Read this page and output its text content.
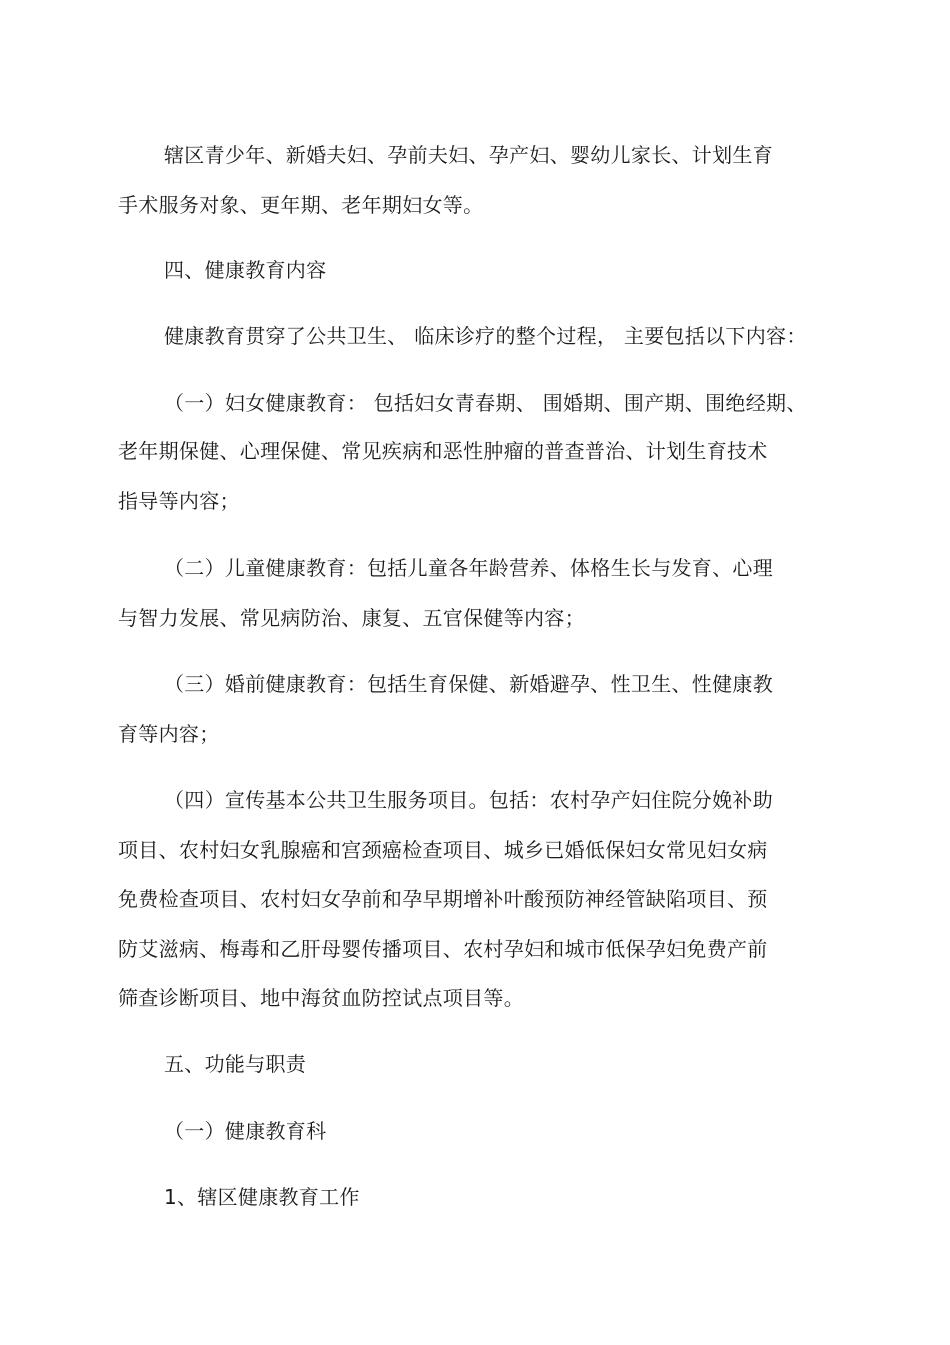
辖区青少年、新婚夫妇、孕前夫妇、孕产妇、婴幼儿家长、计划生育
手术服务对象、更年期、老年期妇女等。
四、健康教育内容
健康教育贯穿了公共卫生、 临床诊疗的整个过程， 主要包括以下内容：
（一）妇女健康教育： 包括妇女青春期、 围婚期、围产期、围绝经期、
老年期保健、心理保健、常见疾病和恶性肿瘤的普查普治、计划生育技术
指导等内容；
（二）儿童健康教育：包括儿童各年龄营养、体格生长与发育、心理
与智力发展、常见病防治、康复、五官保健等内容；
（三）婚前健康教育：包括生育保健、新婚避孕、性卫生、性健康教
育等内容；
（四）宣传基本公共卫生服务项目。包括：农村孕产妇住院分娩补助
项目、农村妇女乳腺癌和宫颈癌检查项目、城乡已婚低保妇女常见妇女病
免费检查项目、农村妇女孕前和孕早期增补叶酸预防神经管缺陷项目、预
防艾滋病、梅毒和乙肝母婴传播项目、农村孕妇和城市低保孕妇免费产前
筛查诊断项目、地中海贫血防控试点项目等。
五、功能与职责
（一）健康教育科
1、辖区健康教育工作
